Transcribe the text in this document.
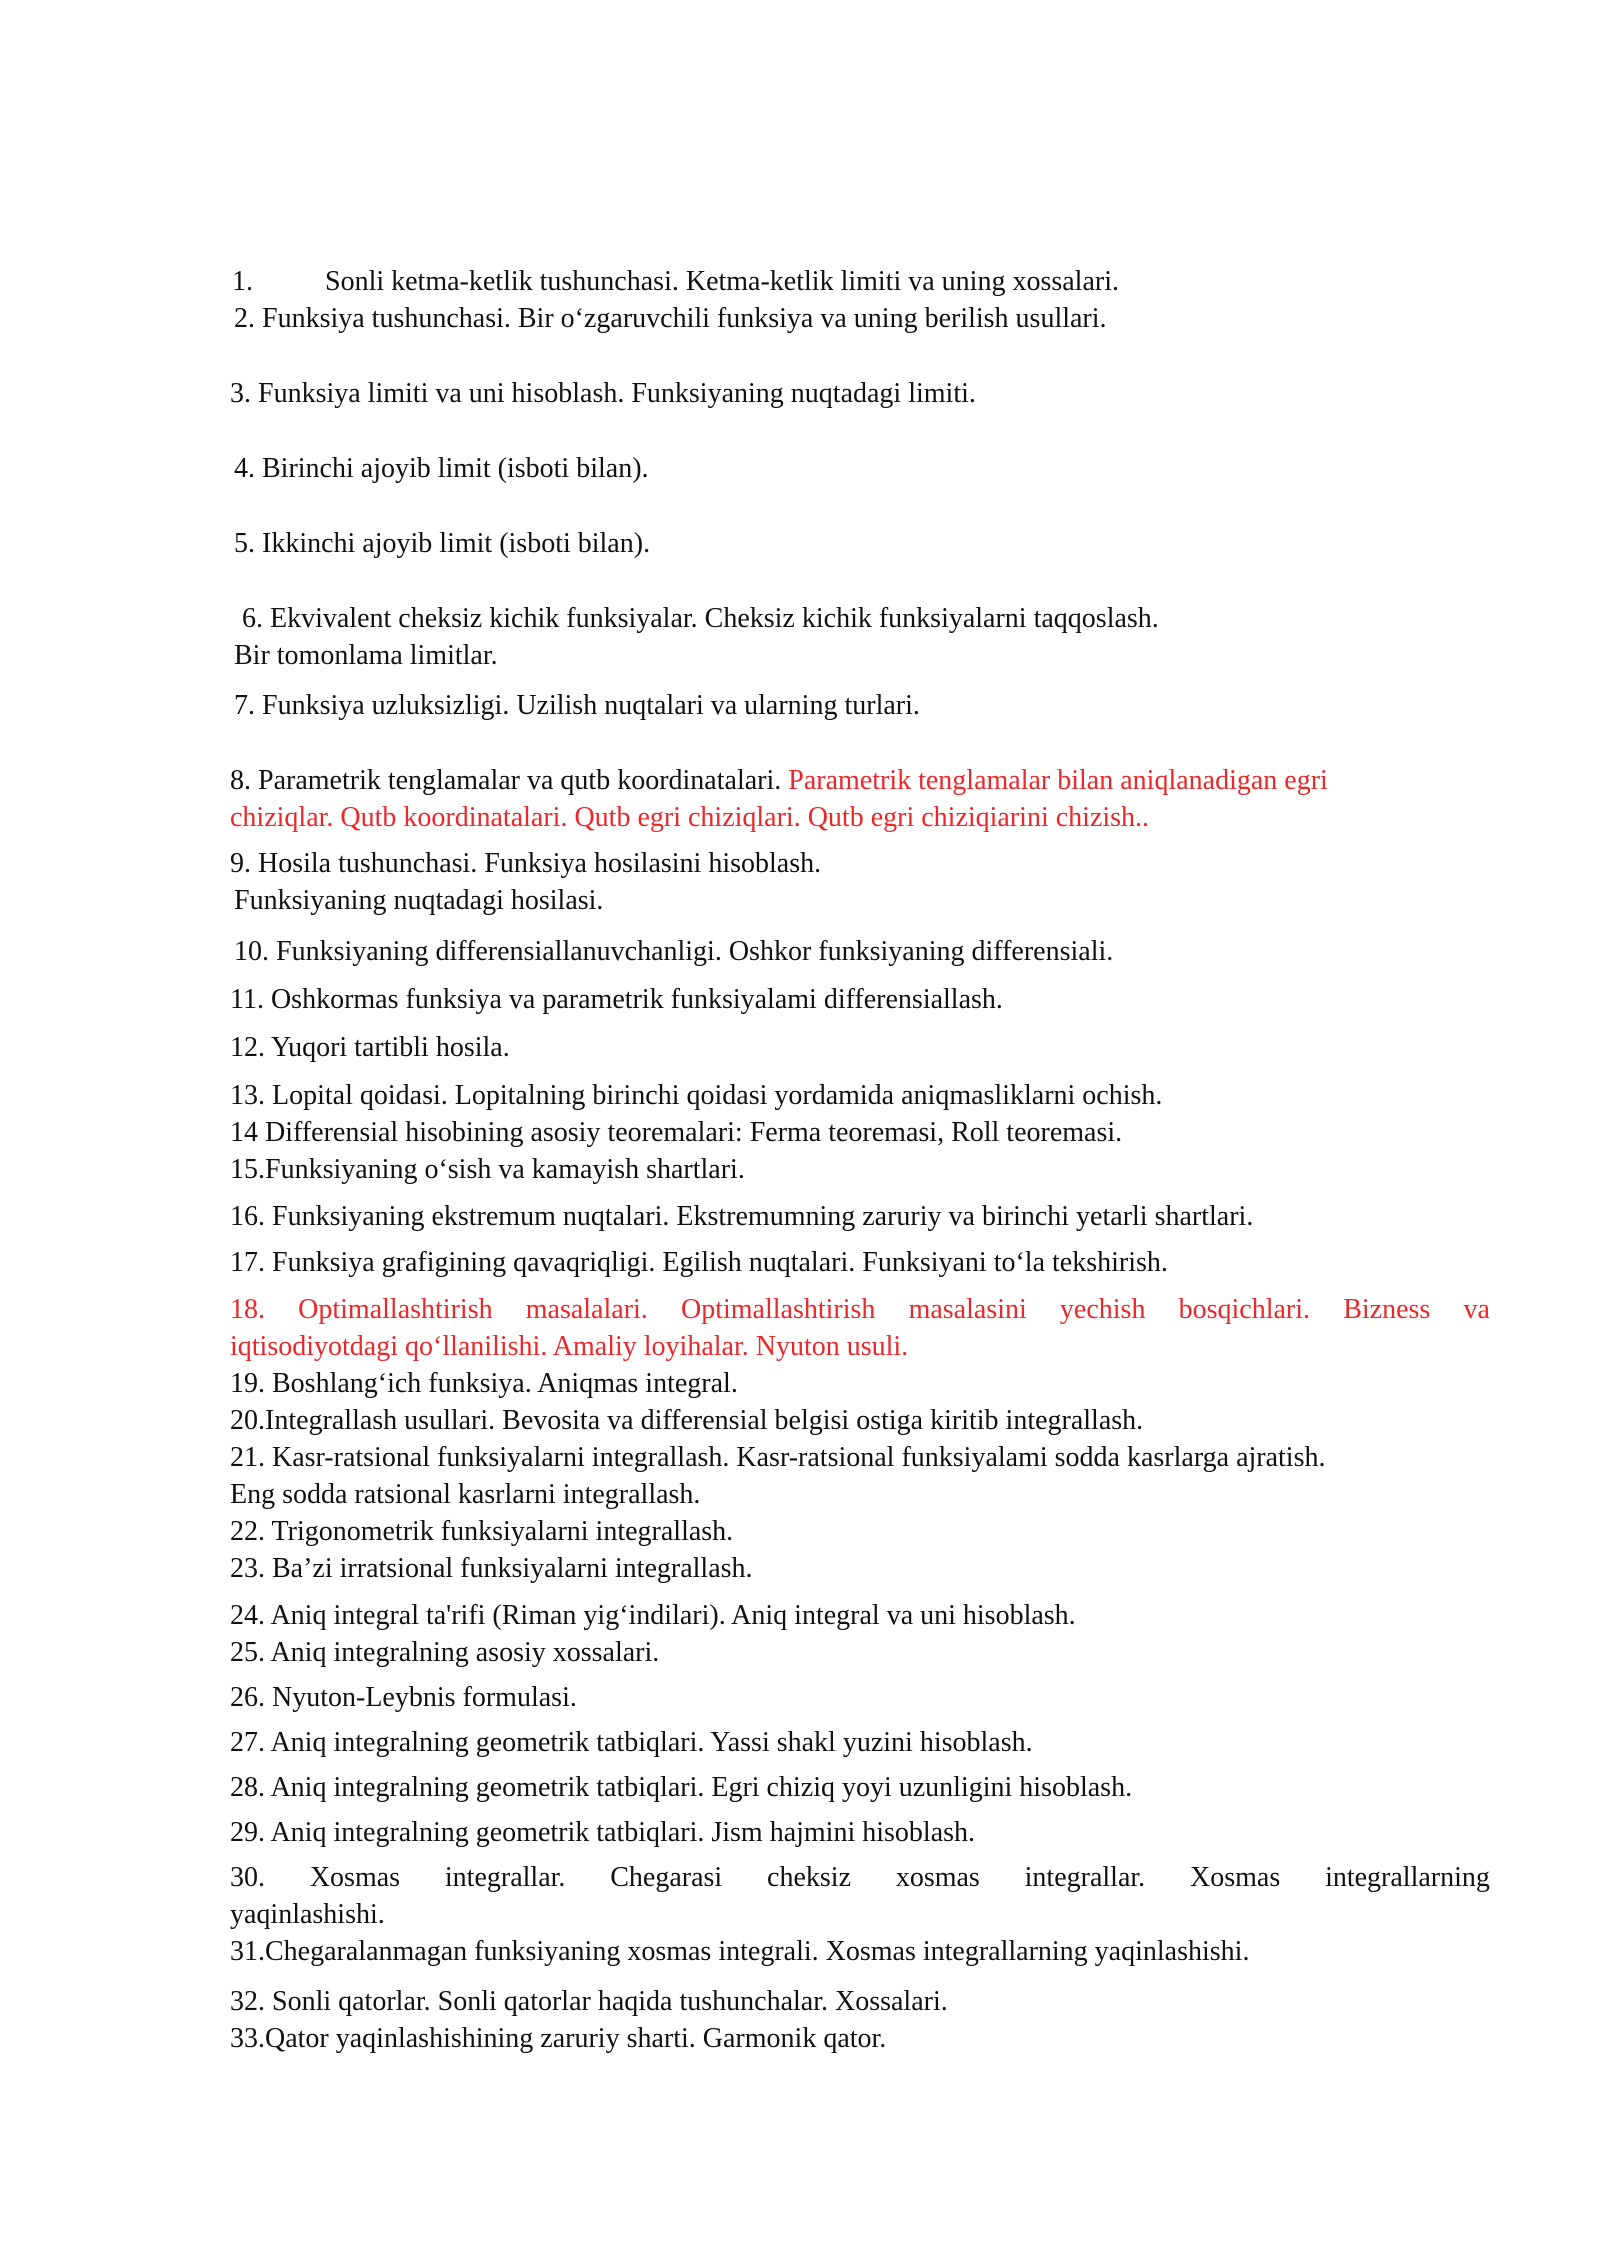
1.	Sonli ketma-ketlik tushunchasi. Ketma-ketlik limiti va uning xossalari.
2. Funksiya tushunchasi. Bir o‘zgaruvchili funksiya va uning berilish usullari.
3. Funksiya limiti va uni hisoblash. Funksiyaning nuqtadagi limiti.
4. Birinchi ajoyib limit (isboti bilan).
5. Ikkinchi ajoyib limit (isboti bilan).
6. Ekvivalent cheksiz kichik funksiyalar. Cheksiz kichik funksiyalarni taqqoslash.
Bir tomonlama limitlar.
7. Funksiya uzluksizligi. Uzilish nuqtalari va ularning turlari.
8. Parametrik tenglamalar va qutb koordinatalari. Parametrik tenglamalar bilan aniqlanadigan egri
chiziqlar. Qutb koordinatalari. Qutb egri chiziqlari. Qutb egri chiziqiarini chizish..
9. Hosila tushunchasi. Funksiya hosilasini hisoblash.
Funksiyaning nuqtadagi hosilasi.
10. Funksiyaning differensiallanuvchanligi. Oshkor funksiyaning differensiali.
11. Oshkormas funksiya va parametrik funksiyalami differensiallash.
12. Yuqori tartibli hosila.
13. Lopital qoidasi. Lopitalning birinchi qoidasi yordamida aniqmasliklarni ochish.
14 Differensial hisobining asosiy teoremalari: Ferma teoremasi, Roll teoremasi.
15.Funksiyaning o‘sish va kamayish shartlari.
16. Funksiyaning ekstremum nuqtalari. Ekstremumning zaruriy va birinchi yetarli shartlari.
17. Funksiya grafigining qavaqriqligi. Egilish nuqtalari. Funksiyani to‘la tekshirish.
18. Optimallashtirish masalalari. Optimallashtirish masalasini yechish bosqichlari. Bizness va
iqtisodiyotdagi qo‘llanilishi. Amaliy loyihalar. Nyuton usuli.
19. Boshlang‘ich funksiya. Aniqmas integral.
20.Integrallash usullari. Bevosita va differensial belgisi ostiga kiritib integrallash.
21. Kasr-ratsional funksiyalarni integrallash. Kasr-ratsional funksiyalami sodda kasrlarga ajratish.
Eng sodda ratsional kasrlarni integrallash.
22. Trigonometrik funksiyalarni integrallash.
23. Ba’zi irratsional funksiyalarni integrallash.
24. Aniq integral ta'rifi (Riman yig‘indilari). Aniq integral va uni hisoblash.
25. Aniq integralning asosiy xossalari.
26. Nyuton-Leybnis formulasi.
27. Aniq integralning geometrik tatbiqlari. Yassi shakl yuzini hisoblash.
28. Aniq integralning geometrik tatbiqlari. Egri chiziq yoyi uzunligini hisoblash.
29. Aniq integralning geometrik tatbiqlari. Jism hajmini hisoblash.
30. Xosmas integrallar. Chegarasi cheksiz xosmas integrallar. Xosmas integrallarning
yaqinlashishi.
31.Chegaralanmagan funksiyaning xosmas integrali. Xosmas integrallarning yaqinlashishi.
32. Sonli qatorlar. Sonli qatorlar haqida tushunchalar. Xossalari.
33.Qator yaqinlashishining zaruriy sharti. Garmonik qator.
